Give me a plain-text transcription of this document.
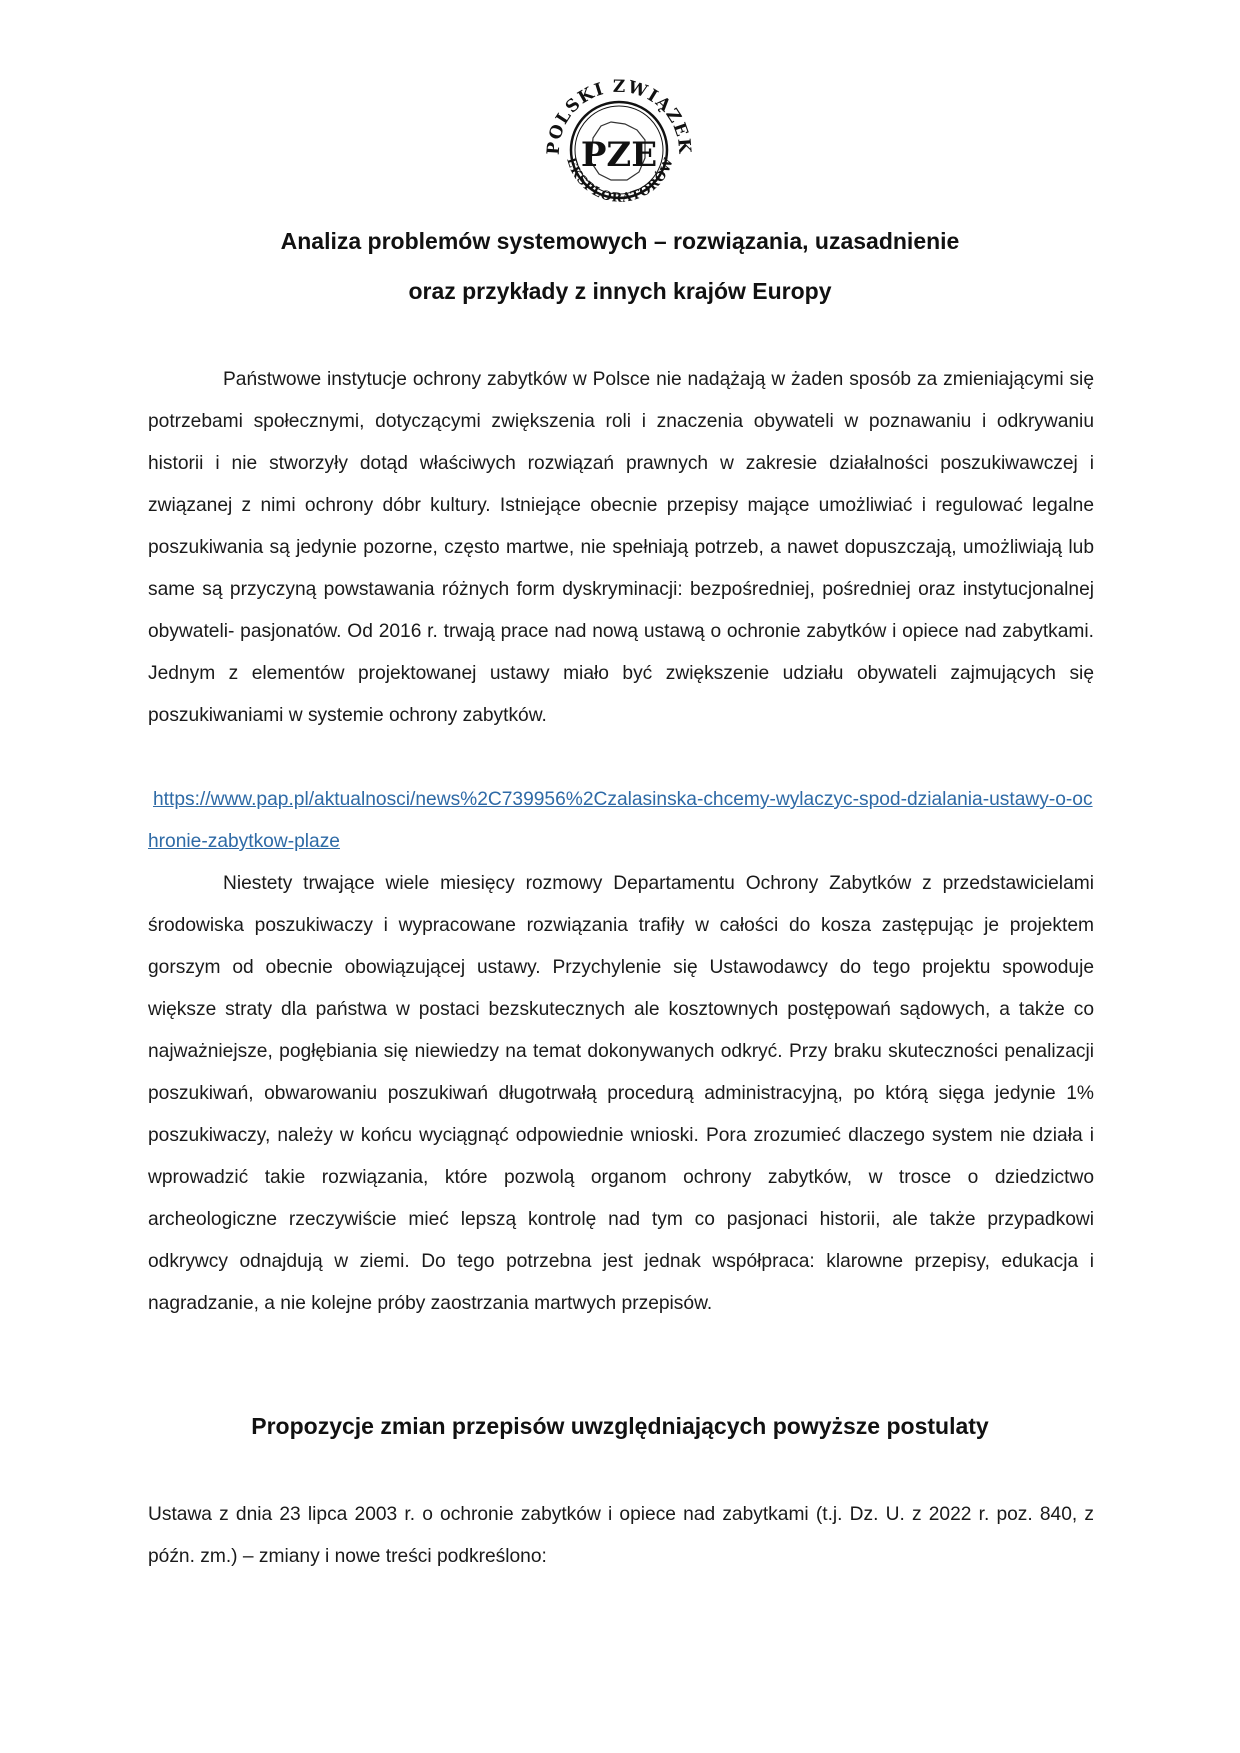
POLSKI ZWIĄZEK
EKSPLORATORÓW
PZE
Analiza problemów systemowych – rozwiązania, uzasadnienie
oraz przykłady z innych krajów Europy
Państwowe instytucje ochrony zabytków w Polsce nie nadążają w żaden sposób za zmieniającymi się potrzebami społecznymi, dotyczącymi zwiększenia roli i znaczenia obywateli w poznawaniu i odkrywaniu historii i nie stworzyły dotąd właściwych rozwiązań prawnych w zakresie działalności poszukiwawczej i związanej z nimi ochrony dóbr kultury. Istniejące obecnie przepisy mające umożliwiać i regulować legalne poszukiwania są jedynie pozorne, często martwe, nie spełniają potrzeb, a nawet dopuszczają, umożliwiają lub same są przyczyną powstawania różnych form dyskryminacji: bezpośredniej, pośredniej oraz instytucjonalnej obywateli- pasjonatów. Od 2016 r. trwają prace nad nową ustawą o ochronie zabytków i opiece nad zabytkami. Jednym z elementów projektowanej ustawy miało być zwiększenie udziału obywateli zajmujących się poszukiwaniami w systemie ochrony zabytków.
https://www.pap.pl/aktualnosci/news%2C739956%2Czalasinska-chcemy-wylaczyc-spod-dzialania-ustawy-o-ochronie-zabytkow-plaze
Niestety trwające wiele miesięcy rozmowy Departamentu Ochrony Zabytków z przedstawicielami środowiska poszukiwaczy i wypracowane rozwiązania trafiły w całości do kosza zastępując je projektem gorszym od obecnie obowiązującej ustawy. Przychylenie się Ustawodawcy do tego projektu spowoduje większe straty dla państwa w postaci bezskutecznych ale kosztownych postępowań sądowych, a także co najważniejsze, pogłębiania się niewiedzy na temat dokonywanych odkryć. Przy braku skuteczności penalizacji poszukiwań, obwarowaniu poszukiwań długotrwałą procedurą administracyjną, po którą sięga jedynie 1% poszukiwaczy, należy w końcu wyciągnąć odpowiednie wnioski. Pora zrozumieć dlaczego system nie działa i wprowadzić takie rozwiązania, które pozwolą organom ochrony zabytków, w trosce o dziedzictwo archeologiczne rzeczywiście mieć lepszą kontrolę nad tym co pasjonaci historii, ale także przypadkowi odkrywcy odnajdują w ziemi. Do tego potrzebna jest jednak współpraca: klarowne przepisy, edukacja i nagradzanie, a nie kolejne próby zaostrzania martwych przepisów.
Propozycje zmian przepisów uwzględniających powyższe postulaty
Ustawa z dnia 23 lipca 2003 r. o ochronie zabytków i opiece nad zabytkami (t.j. Dz. U. z 2022 r. poz. 840, z późn. zm.) – zmiany i nowe treści podkreślono:
